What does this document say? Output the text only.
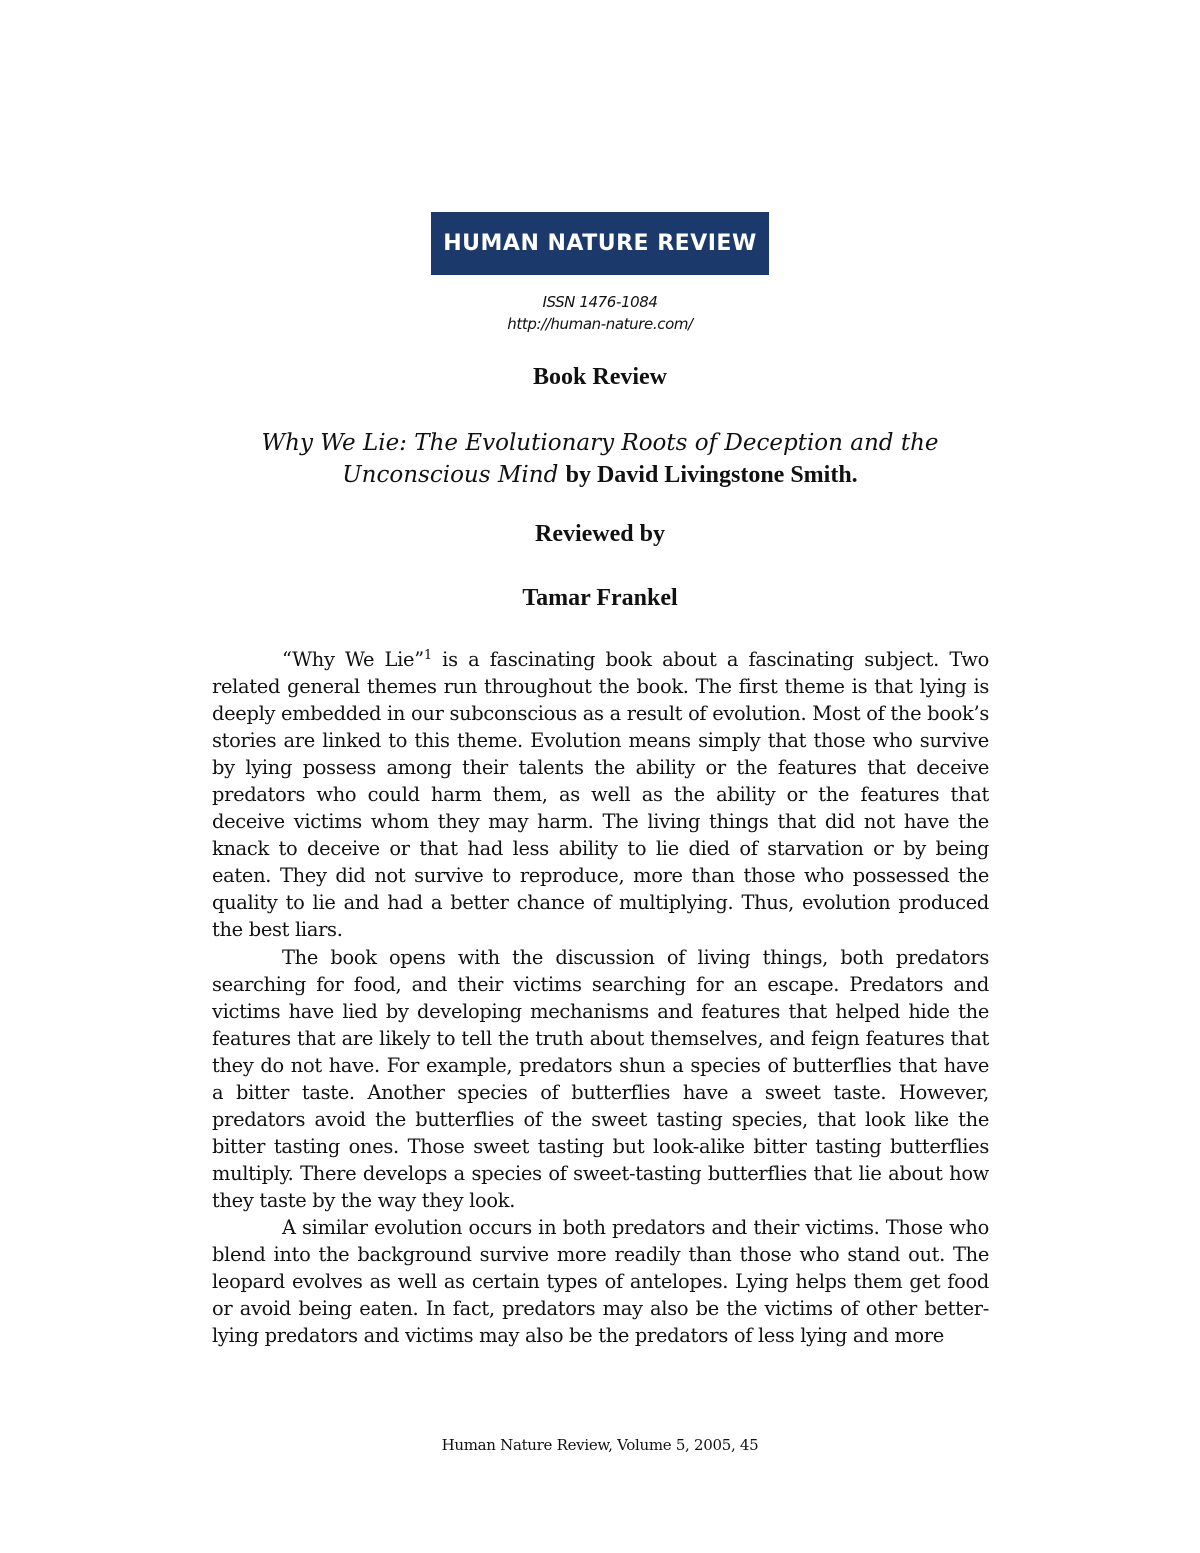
HUMAN NATURE REVIEW
ISSN 1476-1084
http://human-nature.com/
Book Review
Why We Lie: The Evolutionary Roots of Deception and the
Unconscious Mind by David Livingstone Smith.
Reviewed by
Tamar Frankel

“Why We Lie”$^1$ is a fascinating book about a fascinating subject. Two related general themes run throughout the book. The first theme is that lying is deeply embedded in our subconscious as a result of evolution. Most of the book’s stories are linked to this theme. Evolution means simply that those who survive by lying possess among their talents the ability or the features that deceive predators who could harm them, as well as the ability or the features that deceive victims whom they may harm. The living things that did not have the knack to deceive or that had less ability to lie died of starvation or by being eaten. They did not survive to reproduce, more than those who possessed the quality to lie and had a better chance of multiplying. Thus, evolution produced the best liars.

The book opens with the discussion of living things, both predators searching for food, and their victims searching for an escape. Predators and victims have lied by developing mechanisms and features that helped hide the features that are likely to tell the truth about themselves, and feign features that they do not have. For example, predators shun a species of butterflies that have a bitter taste. Another species of butterflies have a sweet taste. However, predators avoid the butterflies of the sweet tasting species, that look like the bitter tasting ones. Those sweet tasting but look-alike bitter tasting butterflies multiply. There develops a species of sweet-tasting butterflies that lie about how they taste by the way they look.

A similar evolution occurs in both predators and their victims. Those who blend into the background survive more readily than those who stand out. The leopard evolves as well as certain types of antelopes. Lying helps them get food or avoid being eaten. In fact, predators may also be the victims of other better-lying predators and victims may also be the predators of less lying and more

Human Nature Review, Volume 5, 2005, 45
